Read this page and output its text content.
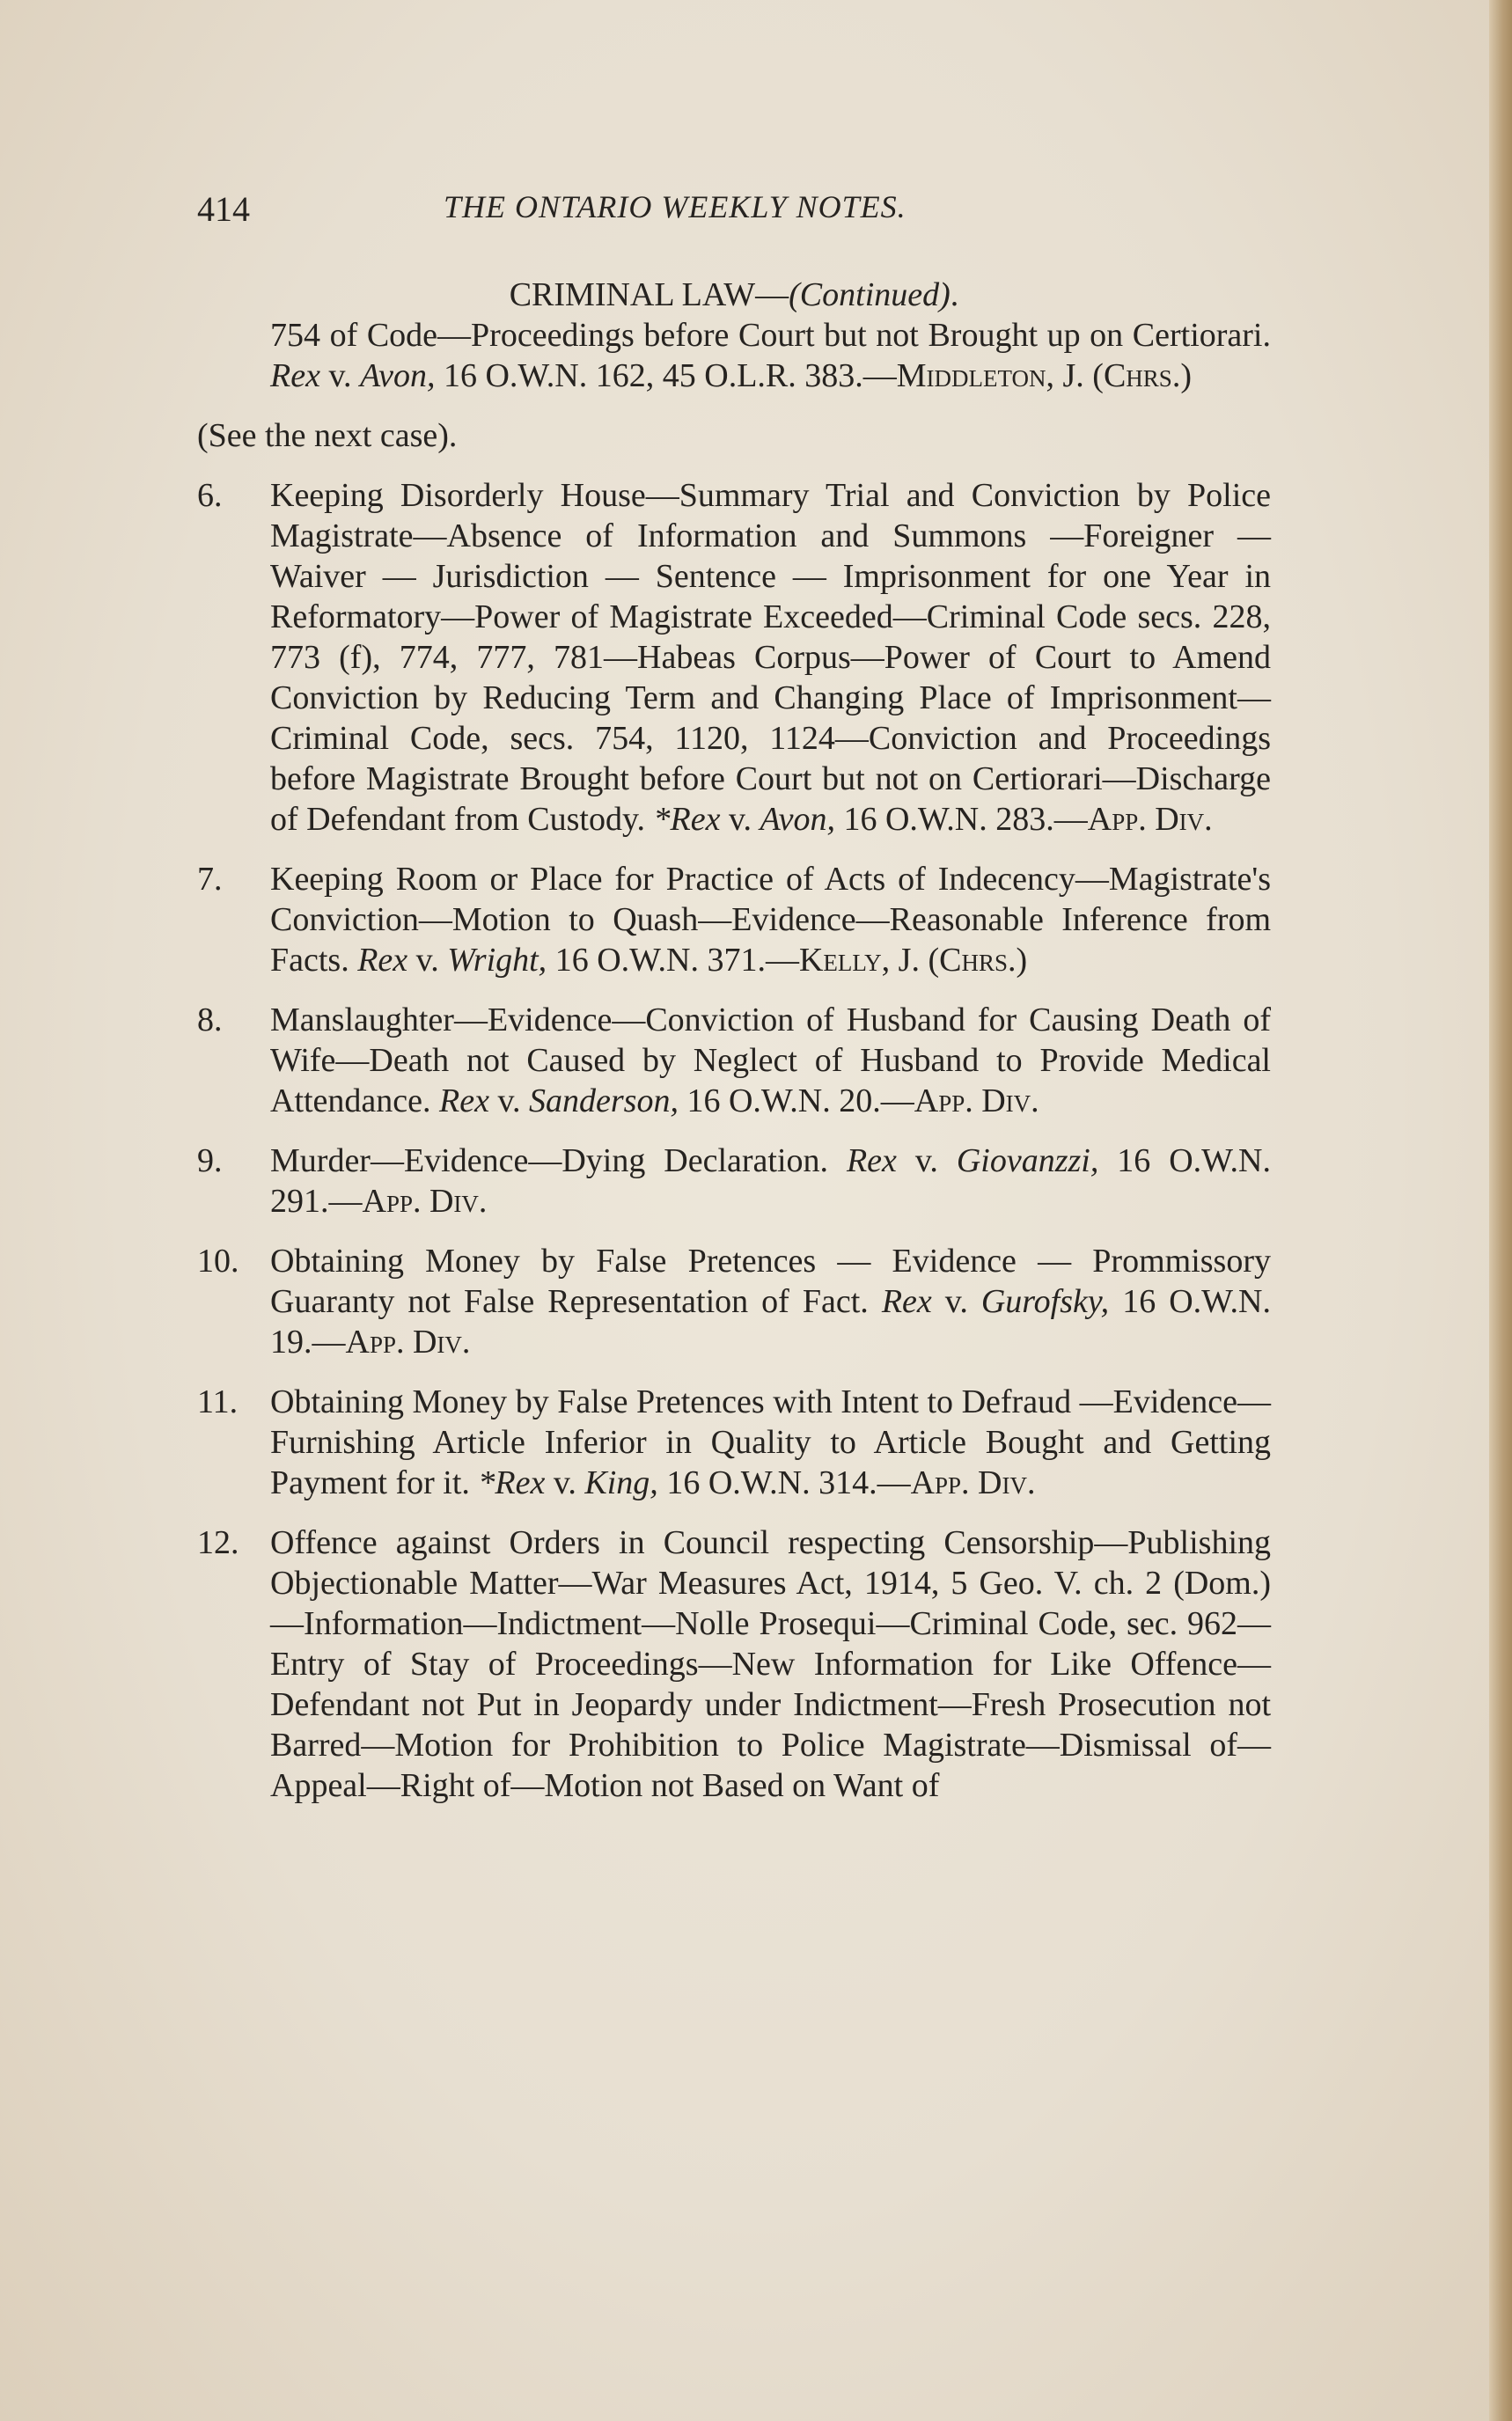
414	THE ONTARIO WEEKLY NOTES.

CRIMINAL LAW—(Continued).

754 of Code—Proceedings before Court but not Brought up on Certiorari. Rex v. Avon, 16 O.W.N. 162, 45 O.L.R. 383.—Middleton, J. (Chrs.)

(See the next case).

6. Keeping Disorderly House—Summary Trial and Conviction by Police Magistrate—Absence of Information and Summons —Foreigner — Waiver — Jurisdiction — Sentence — Imprisonment for one Year in Reformatory—Power of Magistrate Exceeded—Criminal Code secs. 228, 773 (f), 774, 777, 781—Habeas Corpus—Power of Court to Amend Conviction by Reducing Term and Changing Place of Imprisonment—Criminal Code, secs. 754, 1120, 1124—Conviction and Proceedings before Magistrate Brought before Court but not on Certiorari—Discharge of Defendant from Custody. *Rex v. Avon, 16 O.W.N. 283.—App. Div.

7. Keeping Room or Place for Practice of Acts of Indecency—Magistrate's Conviction—Motion to Quash—Evidence—Reasonable Inference from Facts. Rex v. Wright, 16 O.W.N. 371.—Kelly, J. (Chrs.)

8. Manslaughter—Evidence—Conviction of Husband for Causing Death of Wife—Death not Caused by Neglect of Husband to Provide Medical Attendance. Rex v. Sanderson, 16 O.W.N. 20.—App. Div.

9. Murder—Evidence—Dying Declaration. Rex v. Giovanzzi, 16 O.W.N. 291.—App. Div.

10. Obtaining Money by False Pretences — Evidence — Prommissory Guaranty not False Representation of Fact. Rex v. Gurofsky, 16 O.W.N. 19.—App. Div.

11. Obtaining Money by False Pretences with Intent to Defraud —Evidence—Furnishing Article Inferior in Quality to Article Bought and Getting Payment for it. *Rex v. King, 16 O.W.N. 314.—App. Div.

12. Offence against Orders in Council respecting Censorship—Publishing Objectionable Matter—War Measures Act, 1914, 5 Geo. V. ch. 2 (Dom.)—Information—Indictment—Nolle Prosequi—Criminal Code, sec. 962—Entry of Stay of Proceedings—New Information for Like Offence—Defendant not Put in Jeopardy under Indictment—Fresh Prosecution not Barred—Motion for Prohibition to Police Magistrate—Dismissal of—Appeal—Right of—Motion not Based on Want of
